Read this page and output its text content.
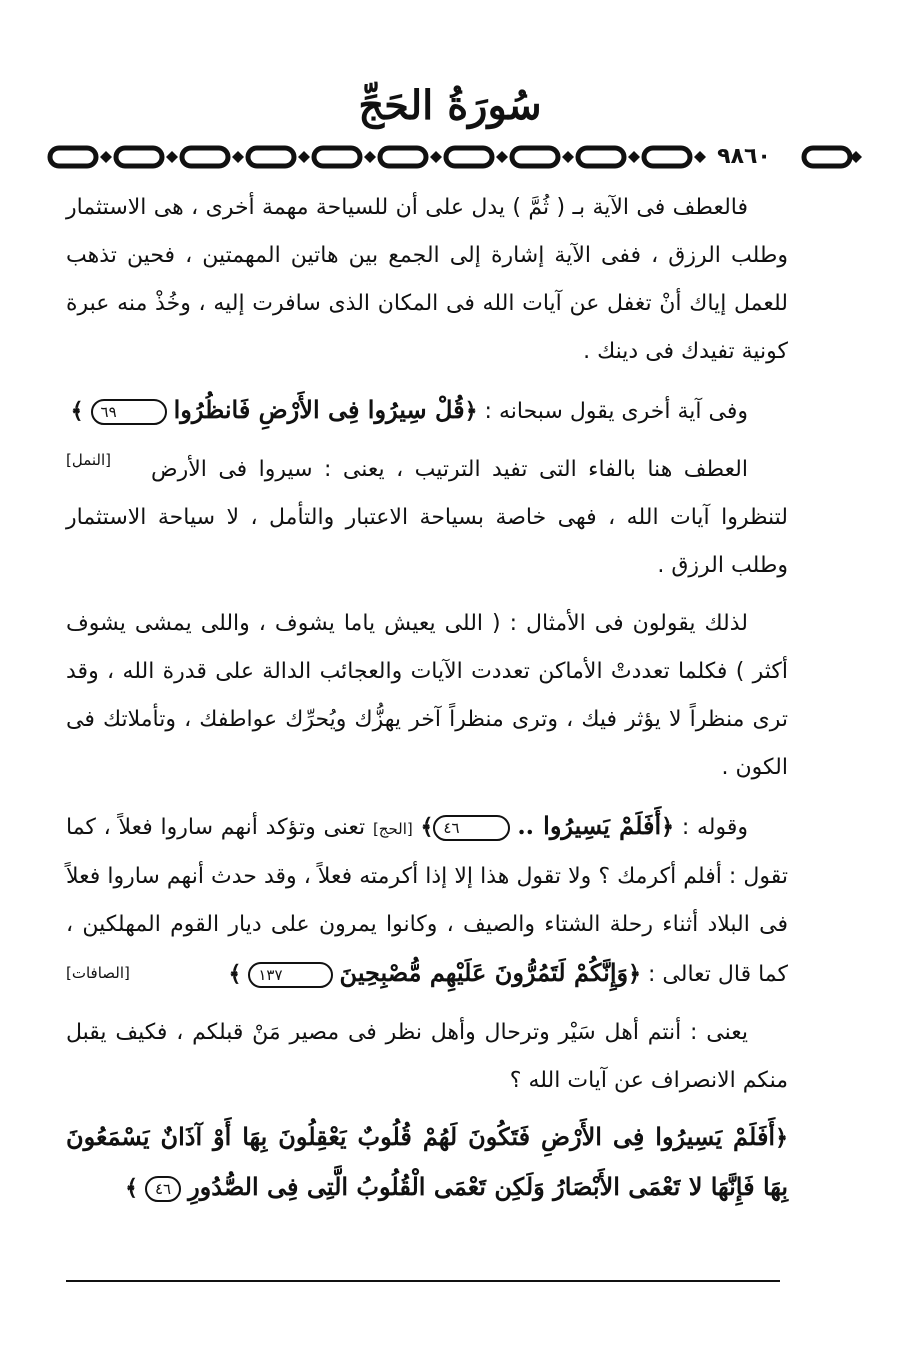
سُورَةُ الحَجِّ
٩٨٦٠

فالعطف فى الآية بـ ( ثُمَّ ) يدل على أن للسياحة مهمة أخرى ، هى الاستثمار وطلب الرزق ، ففى الآية إشارة إلى الجمع بين هاتين المهمتين ، فحين تذهب للعمل إياك أنْ تغفل عن آيات الله فى المكان الذى سافرت إليه ، وخُذْ منه عبرة كونية تفيدك فى دينك .

وفى آية أخرى يقول سبحانه : ﴿قُلْ سِيرُوا فِى الأَرْضِ فَانظُرُوا ٦٩ ﴾
[النمل]	العطف هنا بالفاء التى تفيد الترتيب ، يعنى : سيروا فى الأرض لتنظروا آيات الله ، فهى خاصة بسياحة الاعتبار والتأمل ، لا سياحة الاستثمار وطلب الرزق .

لذلك يقولون فى الأمثال : ( اللى يعيش ياما يشوف ، واللى يمشى يشوف أكثر ) فكلما تعددتْ الأماكن تعددت الآيات والعجائب الدالة على قدرة الله ، وقد ترى منظراً لا يؤثر فيك ، وترى منظراً آخر يهزُّك ويُحرِّك عواطفك ، وتأملاتك فى الكون .

وقوله : ﴿أَفَلَمْ يَسِيرُوا .. ٤٦﴾ [الحج] تعنى وتؤكد أنهم ساروا فعلاً ، كما تقول : أفلم أكرمك ؟ ولا تقول هذا إلا إذا أكرمته فعلاً ، وقد حدث أنهم ساروا فعلاً فى البلاد أثناء رحلة الشتاء والصيف ، وكانوا يمرون على ديار القوم المهلكين ، كما قال تعالى : ﴿وَإِنَّكُمْ لَتَمُرُّونَ عَلَيْهِم مُّصْبِحِينَ ١٣٧ ﴾
[الصافات]

يعنى : أنتم أهل سَيْر وترحال وأهل نظر فى مصير مَنْ قبلكم ، فكيف يقبل منكم الانصراف عن آيات الله ؟

﴿أَفَلَمْ يَسِيرُوا فِى الأَرْضِ فَتَكُونَ لَهُمْ قُلُوبٌ يَعْقِلُونَ بِهَا أَوْ آذَانٌ يَسْمَعُونَ بِهَا فَإِنَّهَا لا تَعْمَى الأَبْصَارُ وَلَكِن تَعْمَى الْقُلُوبُ الَّتِى فِى الصُّدُورِ ٤٦ ﴾
